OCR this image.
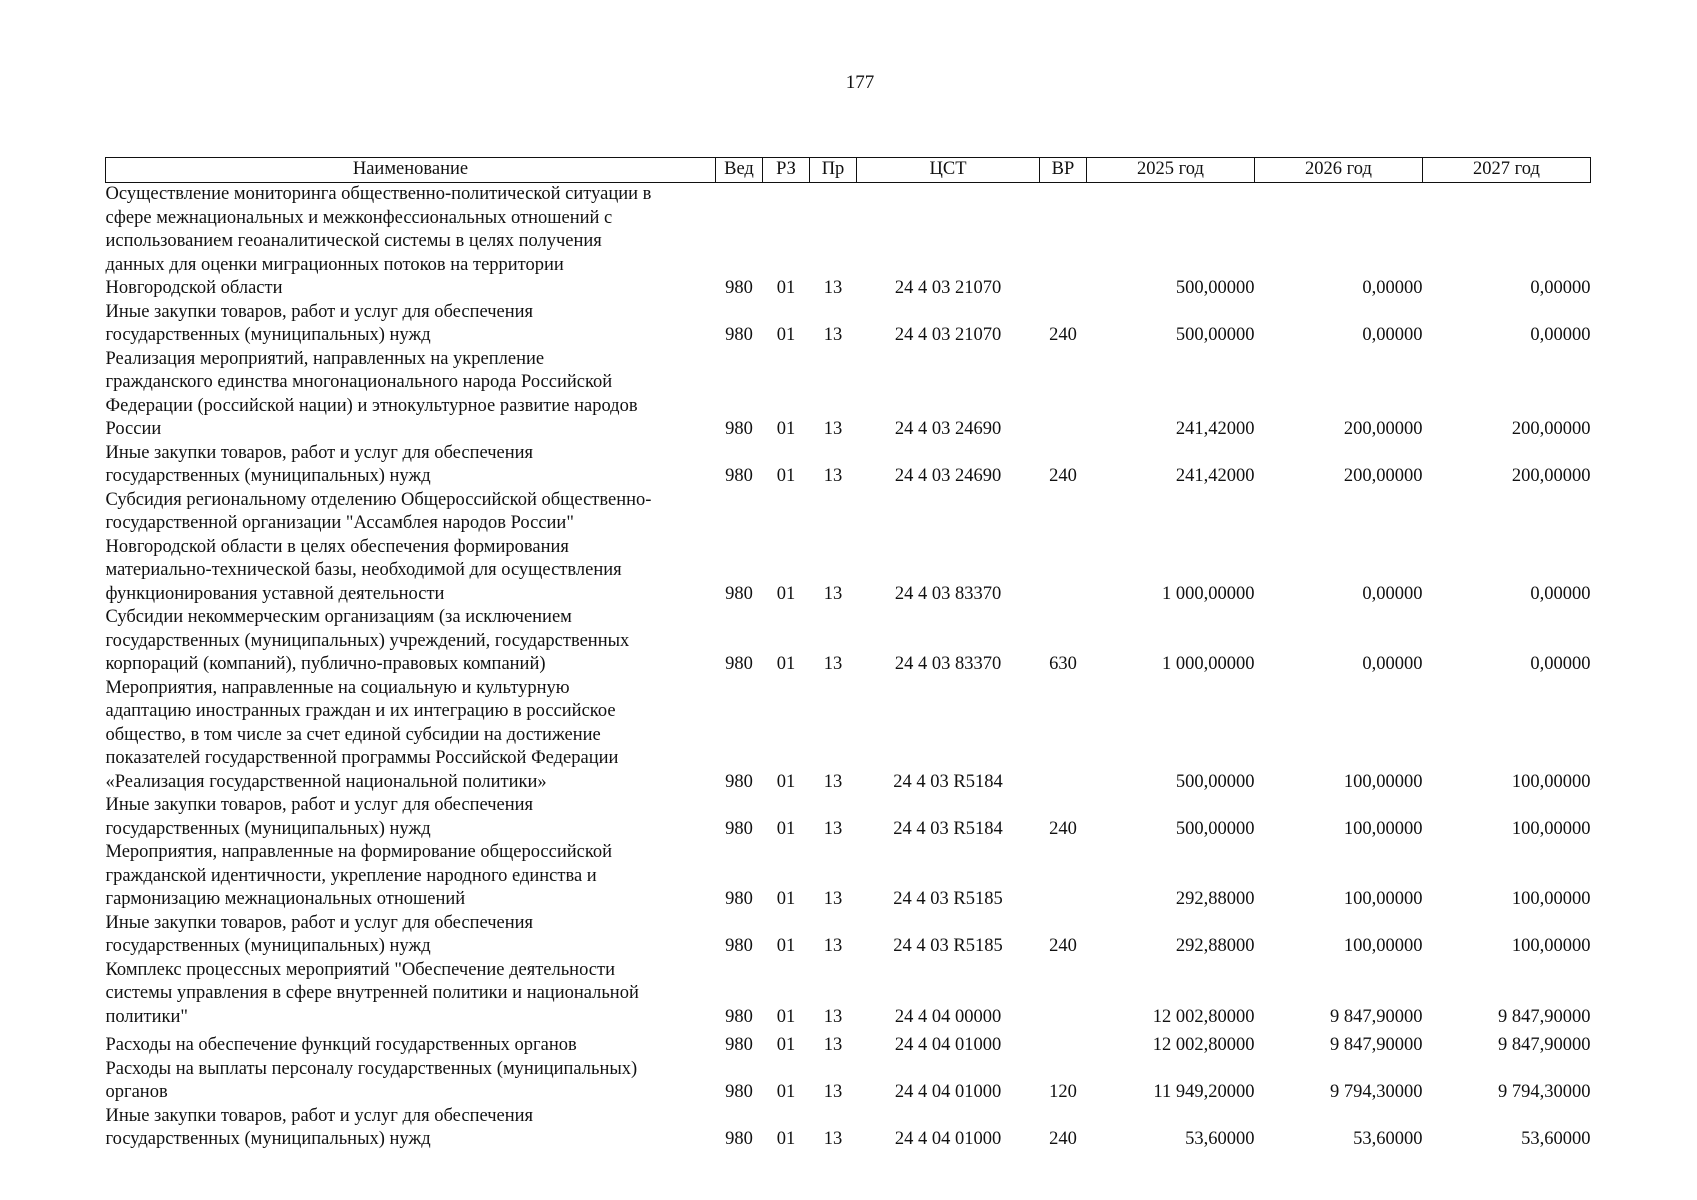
177
Наименование	Вед	РЗ	Пр	ЦСТ	ВР	2025 год	2026 год	2027 год
Осуществление мониторинга общественно-политической ситуации в
сфере межнациональных и межконфессиональных отношений с
использованием геоаналитической системы в целях получения
данных для оценки миграционных потоков на территории
Новгородской области	980	01	13	24 4 03 21070		500,00000	0,00000	0,00000
Иные закупки товаров, работ и услуг для обеспечения
государственных (муниципальных) нужд	980	01	13	24 4 03 21070	240	500,00000	0,00000	0,00000
Реализация мероприятий, направленных на укрепление
гражданского единства многонационального народа Российской
Федерации (российской нации) и этнокультурное развитие народов
России	980	01	13	24 4 03 24690		241,42000	200,00000	200,00000
Иные закупки товаров, работ и услуг для обеспечения
государственных (муниципальных) нужд	980	01	13	24 4 03 24690	240	241,42000	200,00000	200,00000
Субсидия региональному отделению Общероссийской общественно-
государственной организации "Ассамблея народов России"
Новгородской области в целях обеспечения формирования
материально-технической базы, необходимой для осуществления
функционирования уставной деятельности	980	01	13	24 4 03 83370		1 000,00000	0,00000	0,00000
Субсидии некоммерческим организациям (за исключением
государственных (муниципальных) учреждений, государственных
корпораций (компаний), публично-правовых компаний)	980	01	13	24 4 03 83370	630	1 000,00000	0,00000	0,00000
Мероприятия, направленные на социальную и культурную
адаптацию иностранных граждан и их интеграцию в российское
общество, в том числе за счет единой субсидии на достижение
показателей государственной программы Российской Федерации
«Реализация государственной национальной политики»	980	01	13	24 4 03 R5184		500,00000	100,00000	100,00000
Иные закупки товаров, работ и услуг для обеспечения
государственных (муниципальных) нужд	980	01	13	24 4 03 R5184	240	500,00000	100,00000	100,00000
Мероприятия, направленные на формирование общероссийской
гражданской идентичности, укрепление народного единства и
гармонизацию межнациональных отношений	980	01	13	24 4 03 R5185		292,88000	100,00000	100,00000
Иные закупки товаров, работ и услуг для обеспечения
государственных (муниципальных) нужд	980	01	13	24 4 03 R5185	240	292,88000	100,00000	100,00000
Комплекс процессных мероприятий "Обеспечение деятельности
системы управления в сфере внутренней политики и национальной
политики"	980	01	13	24 4 04 00000		12 002,80000	9 847,90000	9 847,90000
Расходы на обеспечение функций государственных органов	980	01	13	24 4 04 01000		12 002,80000	9 847,90000	9 847,90000
Расходы на выплаты персоналу государственных (муниципальных)
органов	980	01	13	24 4 04 01000	120	11 949,20000	9 794,30000	9 794,30000
Иные закупки товаров, работ и услуг для обеспечения
государственных (муниципальных) нужд	980	01	13	24 4 04 01000	240	53,60000	53,60000	53,60000
